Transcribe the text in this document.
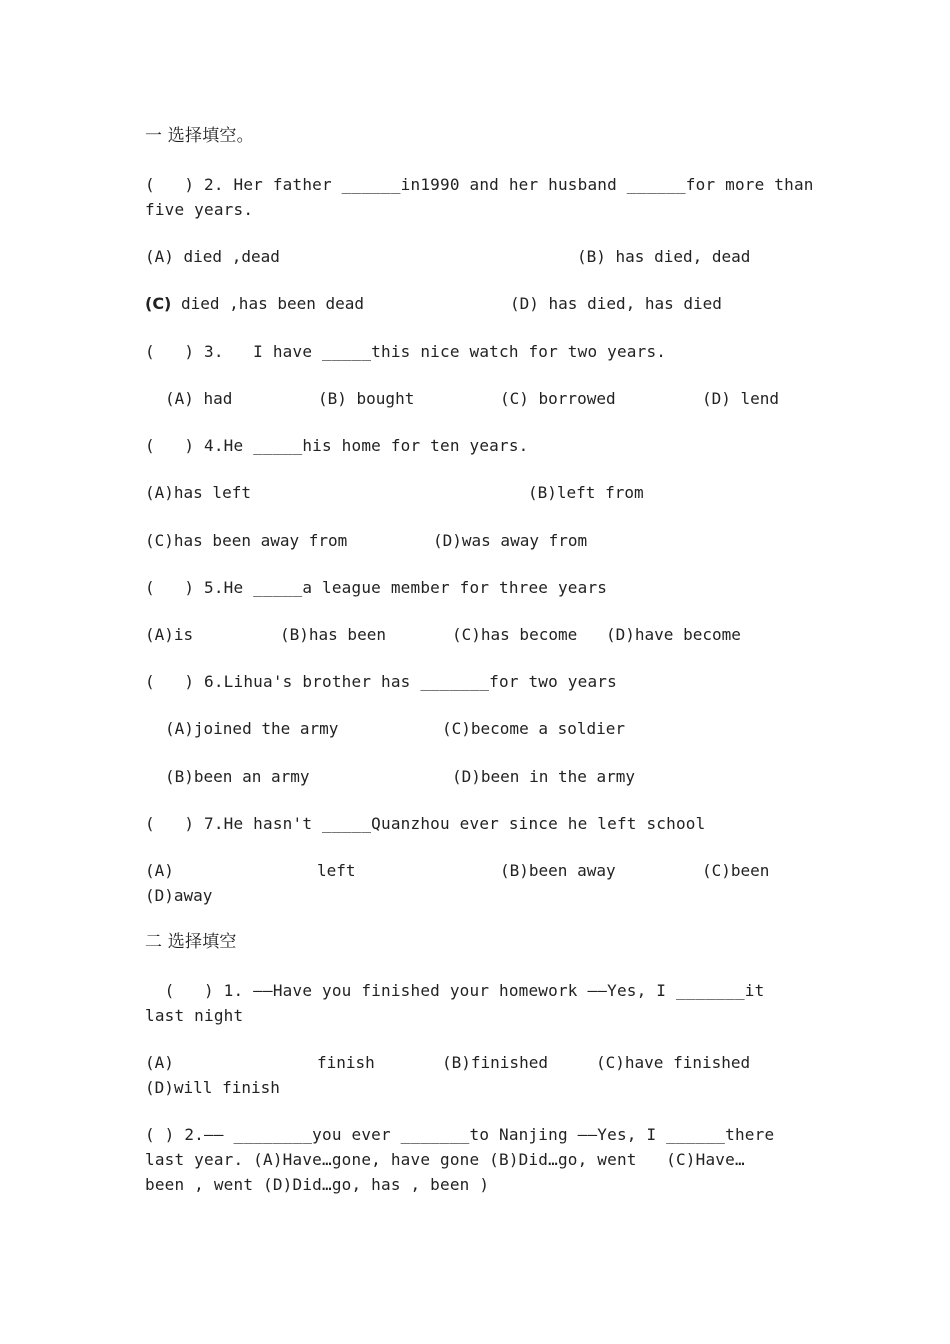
一 选择填空。
(   ) 2. Her father ______in1990 and her husband ______for more than
five years.
(A) died ,dead	(B) has died, dead
(C) died ,has been dead	(D) has died, has died
(   ) 3.   I have _____this nice watch for two years.
(A) had	(B) bought	(C) borrowed	(D) lend
(   ) 4.He _____his home for ten years.
(A)has left	(B)left from
(C)has been away from	(D)was away from
(   ) 5.He _____a league member for three years
(A)is	(B)has been	(C)has become (D)have become
(   ) 6.Lihua's brother has _______for two years
(A)joined the army	(C)become a soldier
(B)been an army	(D)been in the army
(   ) 7.He hasn't _____Quanzhou ever since he left school
(A)	left	(B)been away	(C)been
(D)away
二 选择填空
(   ) 1. ——Have you finished your homework ——Yes, I _______it
last night
(A)	finish	(B)finished	(C)have finished
(D)will finish
( ) 2.—— ________you ever _______to Nanjing ——Yes, I ______there
last year. (A)Have…gone, have gone (B)Did…go, went   (C)Have…
been , went (D)Did…go, has , been )
